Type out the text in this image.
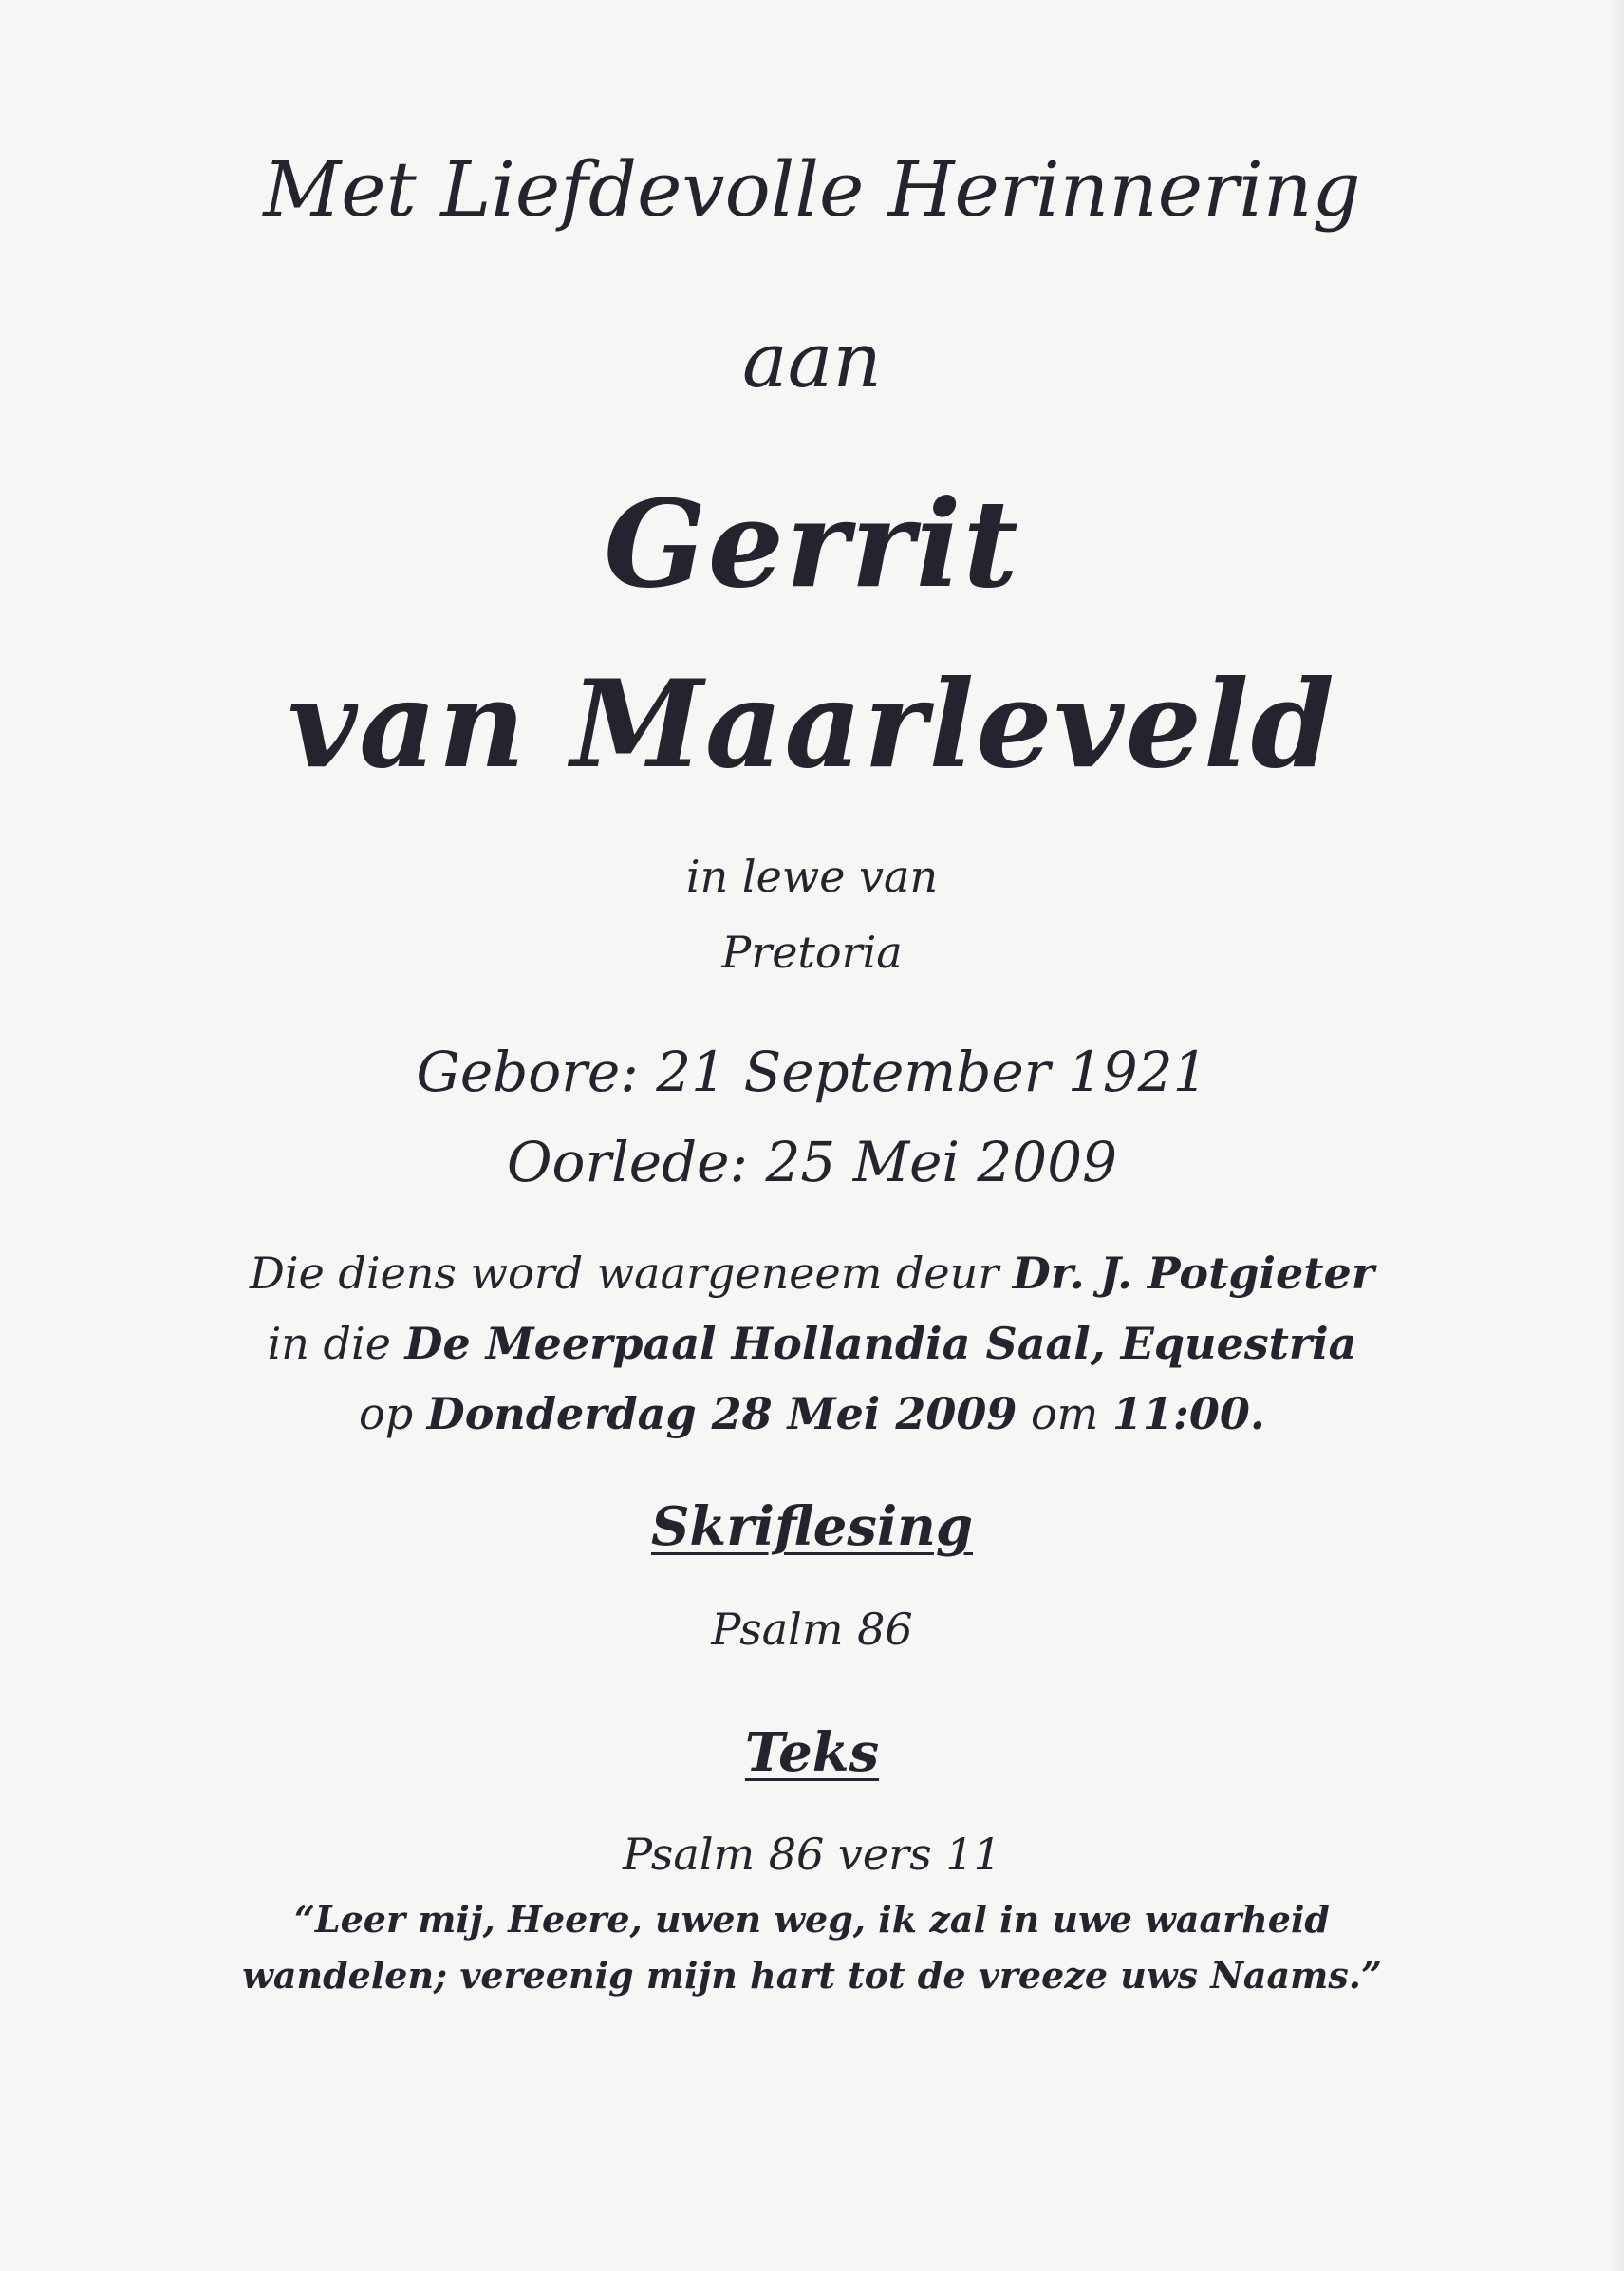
Met Liefdevolle Herinnering
aan
Gerrit
van Maarleveld
in lewe van
Pretoria
Gebore: 21 September 1921
Oorlede: 25 Mei 2009
Die diens word waargeneem deur Dr. J. Potgieter
in die De Meerpaal Hollandia Saal, Equestria
op Donderdag 28 Mei 2009 om 11:00.
Skriflesing
Psalm 86
Teks
Psalm 86 vers 11
“Leer mij, Heere, uwen weg, ik zal in uwe waarheid
wandelen; vereenig mijn hart tot de vreeze uws Naams.”
